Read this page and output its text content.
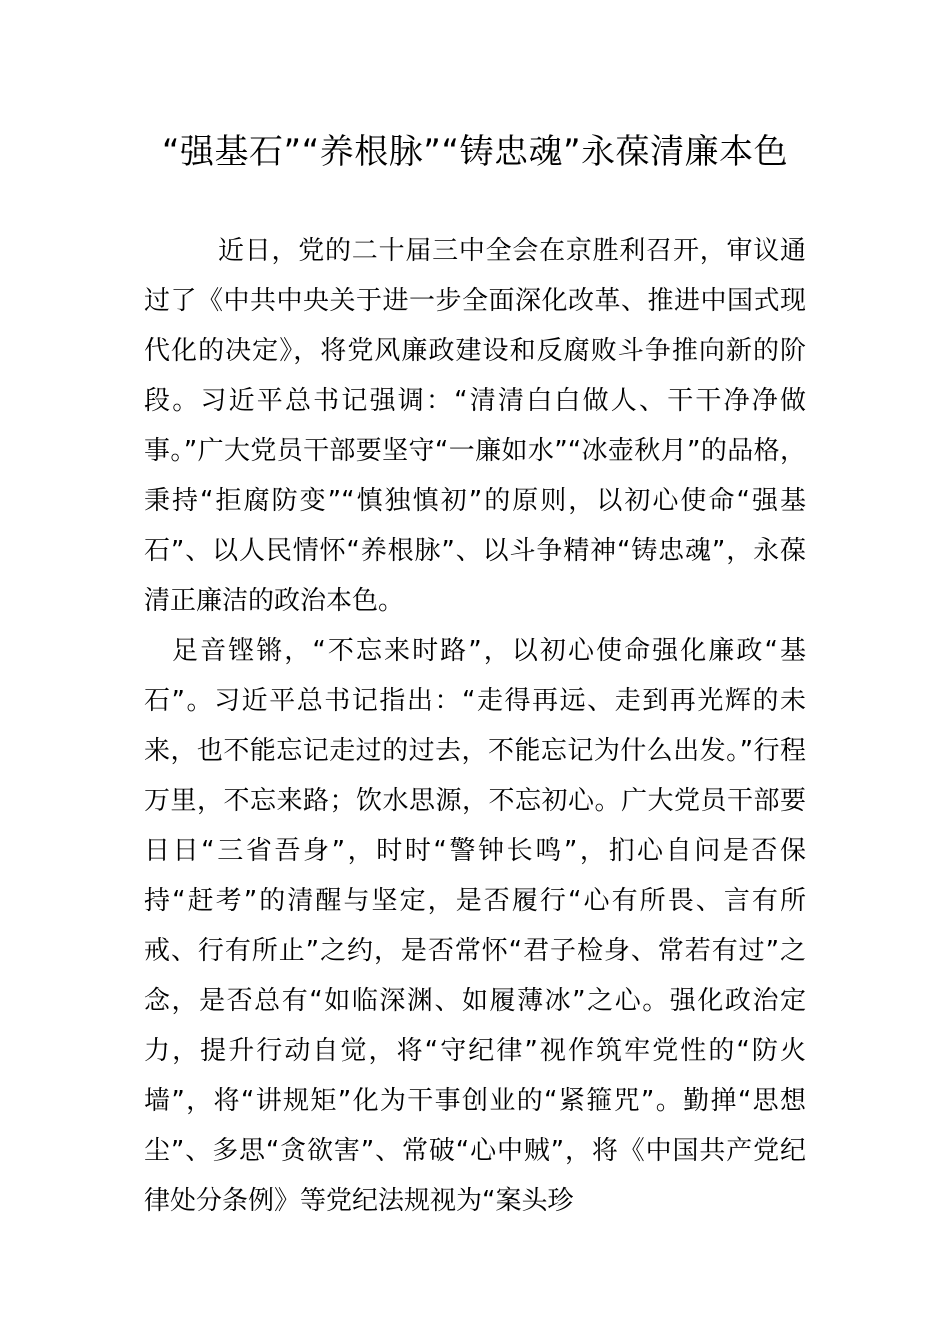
“强基石”“养根脉”“铸忠魂”永葆清廉本色

近日，党的二十届三中全会在京胜利召开，审议通过了《中共中央关于进一步全面深化改革、推进中国式现代化的决定》，将党风廉政建设和反腐败斗争推向新的阶段。习近平总书记强调：“清清白白做人、干干净净做事。”广大党员干部要坚守“一廉如水”“冰壶秋月”的品格，秉持“拒腐防变”“慎独慎初”的原则，以初心使命“强基石”、以人民情怀“养根脉”、以斗争精神“铸忠魂”，永葆清正廉洁的政治本色。

足音铿锵，“不忘来时路”，以初心使命强化廉政“基石”。习近平总书记指出：“走得再远、走到再光辉的未来，也不能忘记走过的过去，不能忘记为什么出发。”行程万里，不忘来路；饮水思源，不忘初心。广大党员干部要日日“三省吾身”，时时“警钟长鸣”，扪心自问是否保持“赶考”的清醒与坚定，是否履行“心有所畏、言有所戒、行有所止”之约，是否常怀“君子检身、常若有过”之念，是否总有“如临深渊、如履薄冰”之心。强化政治定力，提升行动自觉，将“守纪律”视作筑牢党性的“防火墙”，将“讲规矩”化为干事创业的“紧箍咒”。勤掸“思想尘”、多思“贪欲害”、常破“心中贼”，将《中国共产党纪律处分条例》等党纪法规视为“案头珍
